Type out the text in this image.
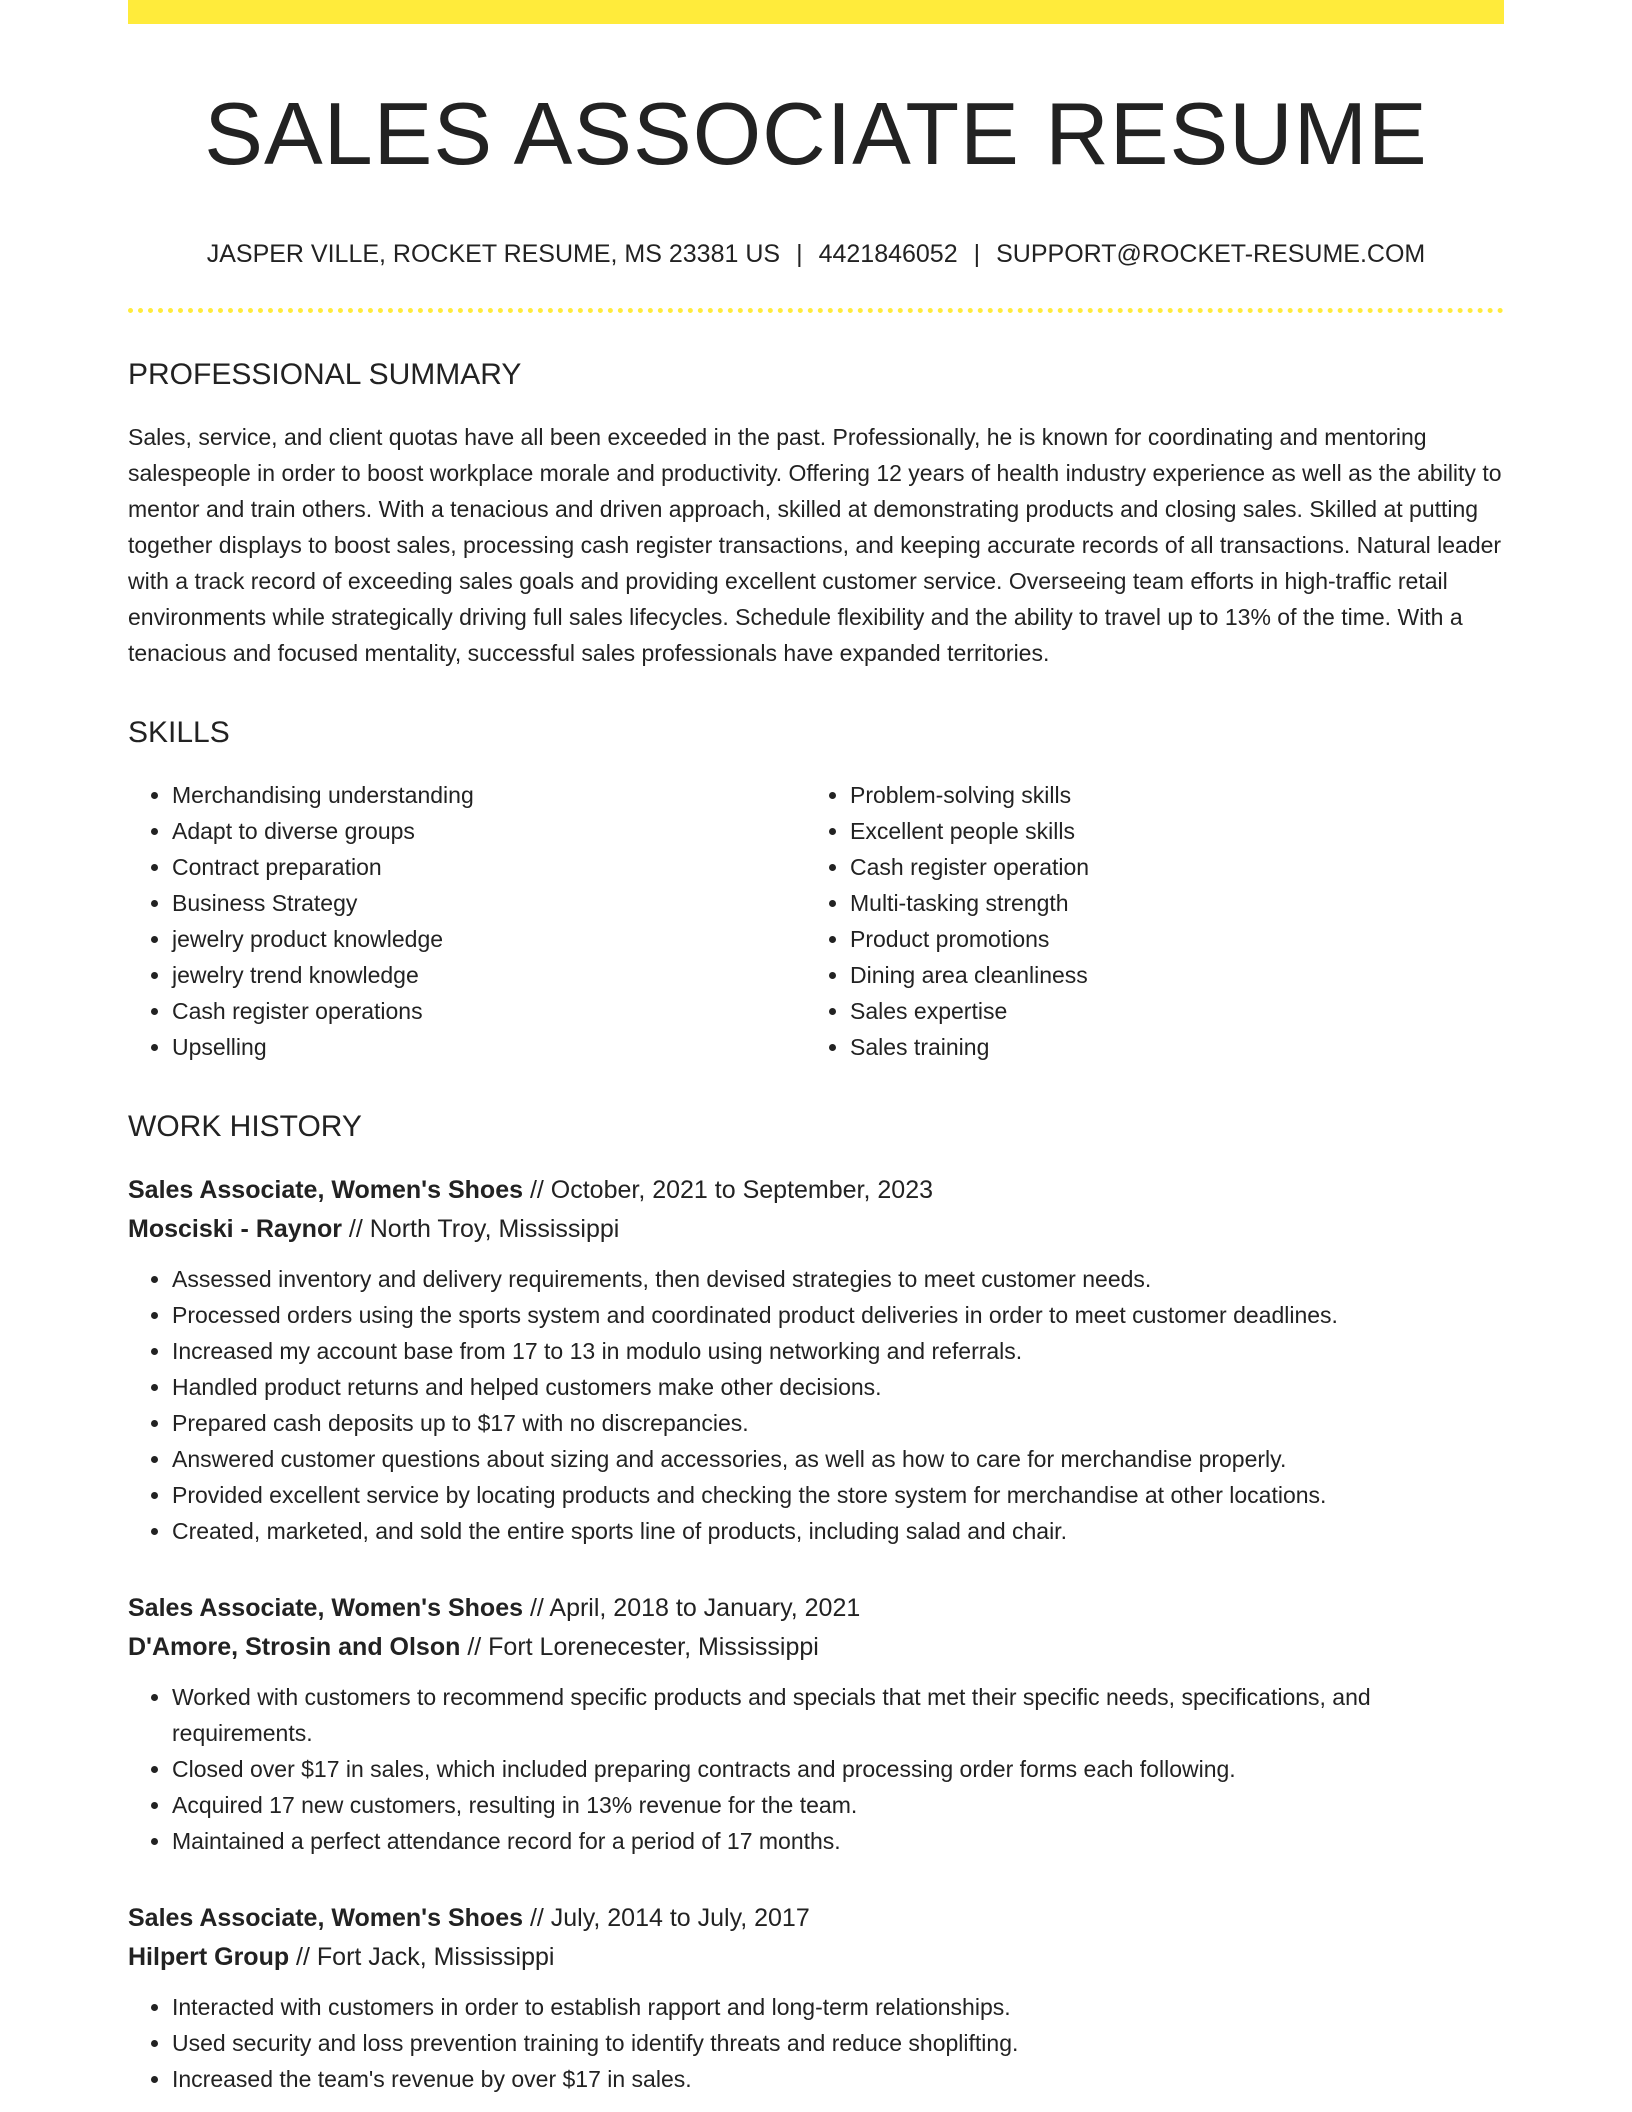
SALES ASSOCIATE RESUME
JASPER VILLE, ROCKET RESUME, MS 23381 US | 4421846052 | SUPPORT@ROCKET-RESUME.COM
PROFESSIONAL SUMMARY

Sales, service, and client quotas have all been exceeded in the past. Professionally, he is known for coordinating and mentoring salespeople in order to boost workplace morale and productivity. Offering 12 years of health industry experience as well as the ability to mentor and train others. With a tenacious and driven approach, skilled at demonstrating products and closing sales. Skilled at putting together displays to boost sales, processing cash register transactions, and keeping accurate records of all transactions. Natural leader with a track record of exceeding sales goals and providing excellent customer service. Overseeing team efforts in high-traffic retail environments while strategically driving full sales lifecycles. Schedule flexibility and the ability to travel up to 13% of the time. With a tenacious and focused mentality, successful sales professionals have expanded territories.

SKILLS
• Merchandising understanding
• Adapt to diverse groups
• Contract preparation
• Business Strategy
• jewelry product knowledge
• jewelry trend knowledge
• Cash register operations
• Upselling
• Problem-solving skills
• Excellent people skills
• Cash register operation
• Multi-tasking strength
• Product promotions
• Dining area cleanliness
• Sales expertise
• Sales training
WORK HISTORY
Sales Associate, Women's Shoes // October, 2021 to September, 2023
Mosciski - Raynor // North Troy, Mississippi
• Assessed inventory and delivery requirements, then devised strategies to meet customer needs.
• Processed orders using the sports system and coordinated product deliveries in order to meet customer deadlines.
• Increased my account base from 17 to 13 in modulo using networking and referrals.
• Handled product returns and helped customers make other decisions.
• Prepared cash deposits up to $17 with no discrepancies.
• Answered customer questions about sizing and accessories, as well as how to care for merchandise properly.
• Provided excellent service by locating products and checking the store system for merchandise at other locations.
• Created, marketed, and sold the entire sports line of products, including salad and chair.
Sales Associate, Women's Shoes // April, 2018 to January, 2021
D'Amore, Strosin and Olson // Fort Lorenecester, Mississippi
• Worked with customers to recommend specific products and specials that met their specific needs, specifications, and requirements.
• Closed over $17 in sales, which included preparing contracts and processing order forms each following.
• Acquired 17 new customers, resulting in 13% revenue for the team.
• Maintained a perfect attendance record for a period of 17 months.
Sales Associate, Women's Shoes // July, 2014 to July, 2017
Hilpert Group // Fort Jack, Mississippi
• Interacted with customers in order to establish rapport and long-term relationships.
• Used security and loss prevention training to identify threats and reduce shoplifting.
• Increased the team's revenue by over $17 in sales.
